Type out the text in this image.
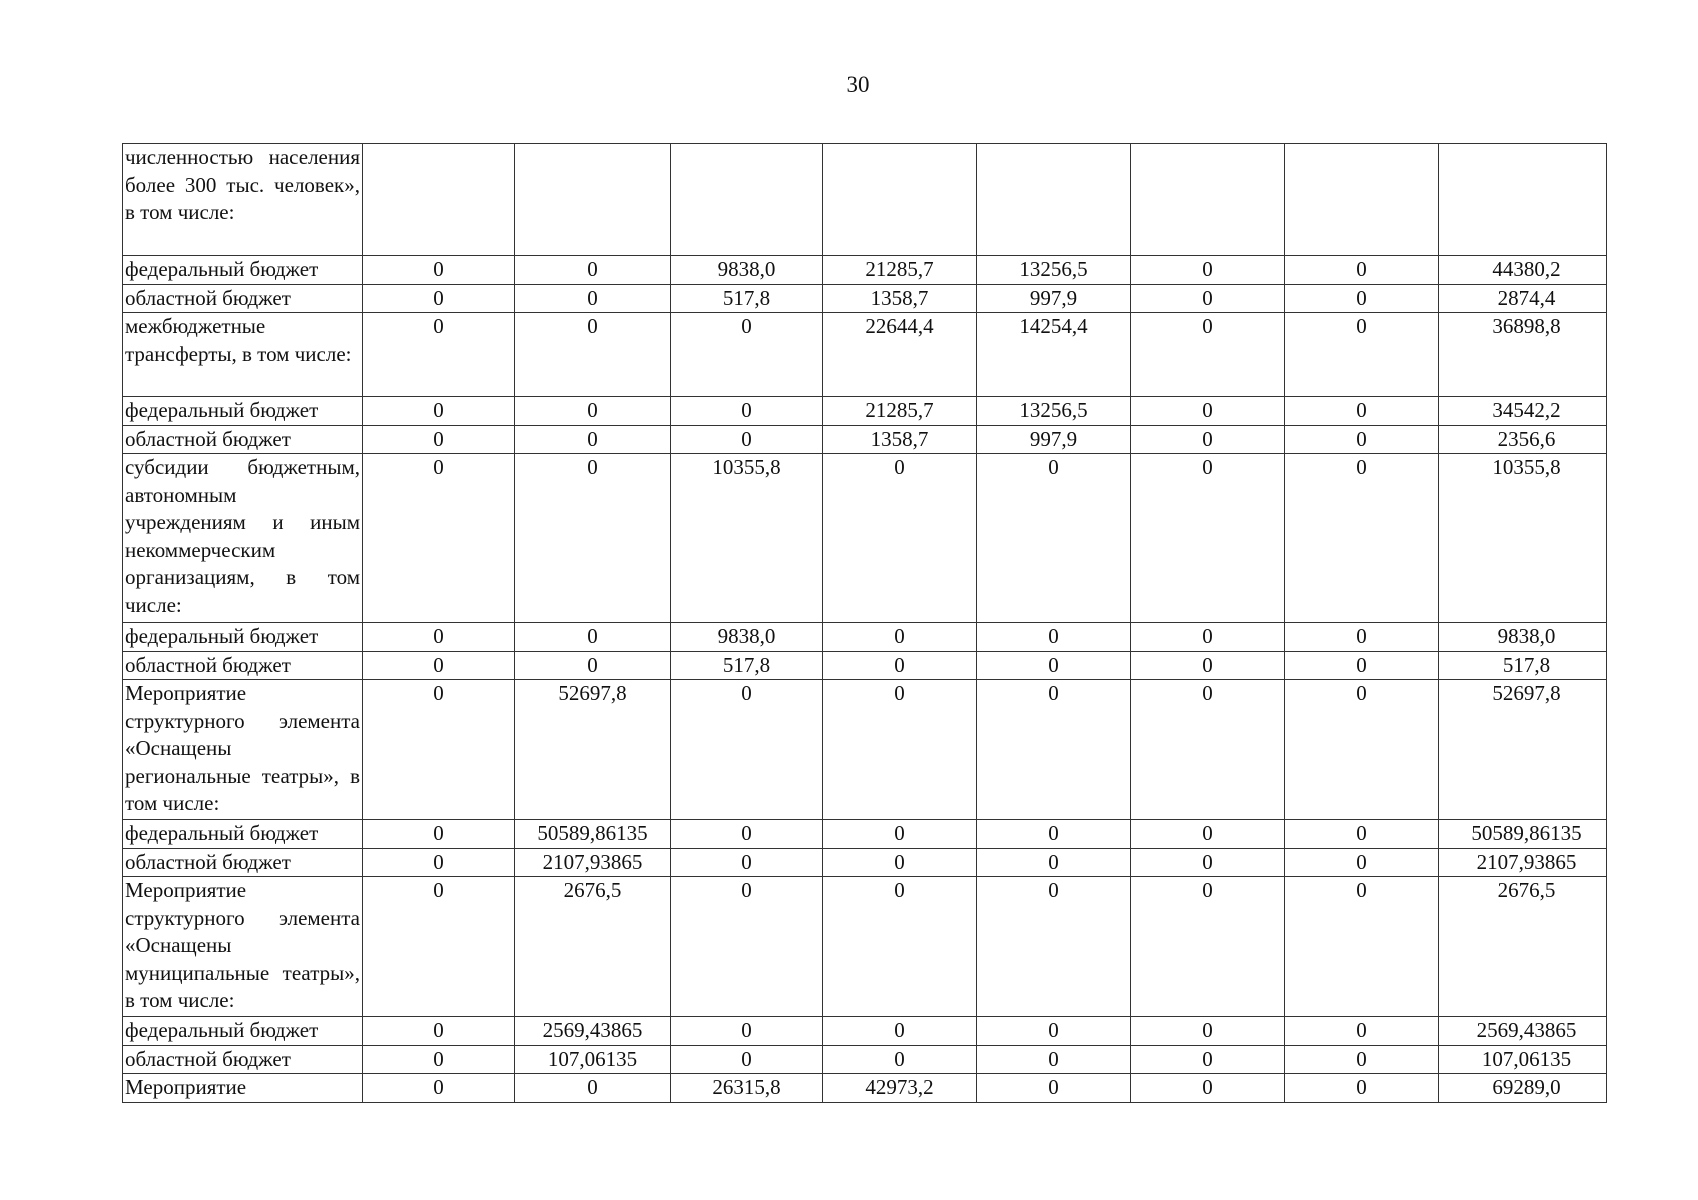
30
численностью населения более 300 тыс. человек», в том числе:								
федеральный бюджет	0	0	9838,0	21285,7	13256,5	0	0	44380,2
областной бюджет	0	0	517,8	1358,7	997,9	0	0	2874,4
межбюджетные трансферты, в том числе:	0	0	0	22644,4	14254,4	0	0	36898,8
федеральный бюджет	0	0	0	21285,7	13256,5	0	0	34542,2
областной бюджет	0	0	0	1358,7	997,9	0	0	2356,6
субсидии бюджетным, автономным учреждениям и иным некоммерческим организациям, в том числе:	0	0	10355,8	0	0	0	0	10355,8
федеральный бюджет	0	0	9838,0	0	0	0	0	9838,0
областной бюджет	0	0	517,8	0	0	0	0	517,8
Мероприятие структурного элемента «Оснащены региональные театры», в том числе:	0	52697,8	0	0	0	0	0	52697,8
федеральный бюджет	0	50589,86135	0	0	0	0	0	50589,86135
областной бюджет	0	2107,93865	0	0	0	0	0	2107,93865
Мероприятие структурного элемента «Оснащены муниципальные театры», в том числе:	0	2676,5	0	0	0	0	0	2676,5
федеральный бюджет	0	2569,43865	0	0	0	0	0	2569,43865
областной бюджет	0	107,06135	0	0	0	0	0	107,06135
Мероприятие	0	0	26315,8	42973,2	0	0	0	69289,0
